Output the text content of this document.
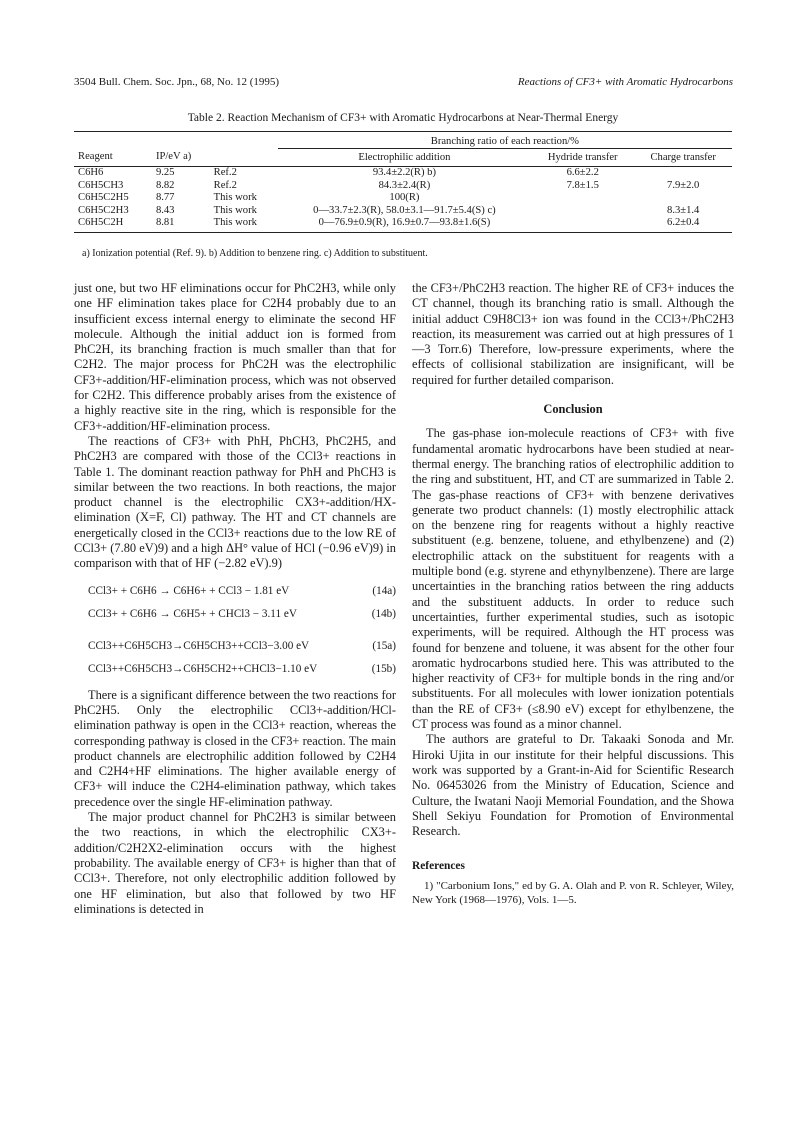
3504 Bull. Chem. Soc. Jpn., 68, No. 12 (1995)	Reactions of CF3+ with Aromatic Hydrocarbons
Table 2. Reaction Mechanism of CF3+ with Aromatic Hydrocarbons at Near-Thermal Energy

			Branching ratio of each reaction/%		
Reagent	IP/eV a)		Electrophilic addition	Hydride transfer	Charge transfer
C6H6	9.25	Ref.2	93.4±2.2(R) b)	6.6±2.2	
C6H5CH3	8.82	Ref.2	84.3±2.4(R)	7.8±1.5	7.9±2.0
C6H5C2H5	8.77	This work	100(R)		
C6H5C2H3	8.43	This work	0—33.7±2.3(R), 58.0±3.1—91.7±5.4(S) c)		8.3±1.4
C6H5C2H	8.81	This work	0—76.9±0.9(R), 16.9±0.7—93.8±1.6(S)		6.2±0.4
a) Ionization potential (Ref. 9). b) Addition to benzene ring. c) Addition to substituent.

just one, but two HF eliminations occur for PhC2H3, while only one HF elimination takes place for C2H4 probably due to an insufficient excess internal energy to eliminate the second HF molecule. Although the initial adduct ion is formed from PhC2H, its branching fraction is much smaller than that for C2H2. The major process for PhC2H was the electrophilic CF3+-addition/HF-elimination process, which was not observed for C2H2. This difference probably arises from the existence of a highly reactive site in the ring, which is responsible for the CF3+-addition/HF-elimination process.

The reactions of CF3+ with PhH, PhCH3, PhC2H5, and PhC2H3 are compared with those of the CCl3+ reactions in Table 1. The dominant reaction pathway for PhH and PhCH3 is similar between the two reactions. In both reactions, the major product channel is the electrophilic CX3+-addition/HX-elimination (X=F, Cl) pathway. The HT and CT channels are energetically closed in the CCl3+ reactions due to the low RE of CCl3+ (7.80 eV)9) and a high ΔH° value of HCl (−0.96 eV)9) in comparison with that of HF (−2.82 eV).9)

CCl3+ + C6H6 → C6H6+ + CCl3 − 1.81 eV	(14a)
CCl3+ + C6H6 → C6H5+ + CHCl3 − 3.11 eV	(14b)
CCl3++C6H5CH3→C6H5CH3++CCl3−3.00 eV	(15a)
CCl3++C6H5CH3→C6H5CH2++CHCl3−1.10 eV	(15b)

There is a significant difference between the two reactions for PhC2H5. Only the electrophilic CCl3+-addition/HCl-elimination pathway is open in the CCl3+ reaction, whereas the corresponding pathway is closed in the CF3+ reaction. The main product channels are electrophilic addition followed by C2H4 and C2H4+HF eliminations. The higher available energy of CF3+ will induce the C2H4-elimination pathway, which takes precedence over the single HF-elimination pathway.

The major product channel for PhC2H3 is similar between the two reactions, in which the electrophilic CX3+-addition/C2H2X2-elimination occurs with the highest probability. The available energy of CF3+ is higher than that of CCl3+. Therefore, not only electrophilic addition followed by one HF elimination, but also that followed by two HF eliminations is detected in

the CF3+/PhC2H3 reaction. The higher RE of CF3+ induces the CT channel, though its branching ratio is small. Although the initial adduct C9H8Cl3+ ion was found in the CCl3+/PhC2H3 reaction, its measurement was carried out at high pressures of 1—3 Torr.6) Therefore, low-pressure experiments, where the effects of collisional stabilization are insignificant, will be required for further detailed comparison.

Conclusion

The gas-phase ion-molecule reactions of CF3+ with five fundamental aromatic hydrocarbons have been studied at near-thermal energy. The branching ratios of electrophilic addition to the ring and substituent, HT, and CT are summarized in Table 2. The gas-phase reactions of CF3+ with benzene derivatives generate two product channels: (1) mostly electrophilic attack on the benzene ring for reagents without a highly reactive substituent (e.g. benzene, toluene, and ethylbenzene) and (2) electrophilic attack on the substituent for reagents with a multiple bond (e.g. styrene and ethynylbenzene). There are large uncertainties in the branching ratios between the ring adducts and the substituent adducts. In order to reduce such uncertainties, further experimental studies, such as isotopic experiments, will be required. Although the HT process was found for benzene and toluene, it was absent for the other four aromatic hydrocarbons studied here. This was attributed to the higher reactivity of CF3+ for multiple bonds in the ring and/or substituents. For all molecules with lower ionization potentials than the RE of CF3+ (≤8.90 eV) except for ethylbenzene, the CT process was found as a minor channel.

The authors are grateful to Dr. Takaaki Sonoda and Mr. Hiroki Ujita in our institute for their helpful discussions. This work was supported by a Grant-in-Aid for Scientific Research No. 06453026 from the Ministry of Education, Science and Culture, the Iwatani Naoji Memorial Foundation, and the Showa Shell Sekiyu Foundation for Promotion of Environmental Research.

References
1) "Carbonium Ions," ed by G. A. Olah and P. von R. Schleyer, Wiley, New York (1968—1976), Vols. 1—5.
